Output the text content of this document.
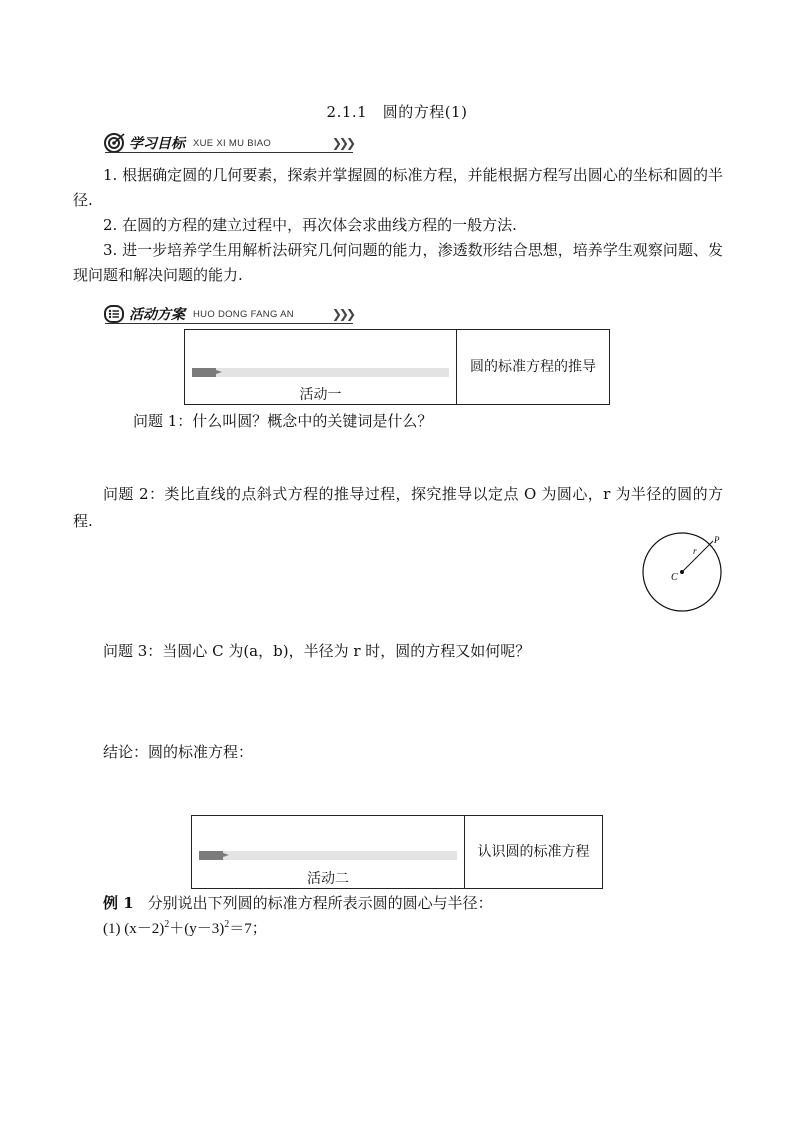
2.1.1　圆的方程(1)
学习目标 XUE XI MU BIAO	❯❯❯
1. 根据确定圆的几何要素，探索并掌握圆的标准方程，并能根据方程写出圆心的坐标和圆的半径.
2. 在圆的方程的建立过程中，再次体会求曲线方程的一般方法.
3. 进一步培养学生用解析法研究几何问题的能力，渗透数形结合思想，培养学生观察问题、发现问题和解决问题的能力.
活动方案 HUO DONG FANG AN	❯❯❯
活动一
圆的标准方程的推导
问题 1：什么叫圆？概念中的关键词是什么？
问题 2：类比直线的点斜式方程的推导过程，探究推导以定点 O 为圆心，r 为半径的圆的方程.
C
r
P
问题 3：当圆心 C 为(a，b)，半径为 r 时，圆的方程又如何呢？
结论：圆的标准方程：
活动二
认识圆的标准方程
例 1 分别说出下列圆的标准方程所表示圆的圆心与半径：
(1) $(x-2)^2+(y-3)^2=7$；
